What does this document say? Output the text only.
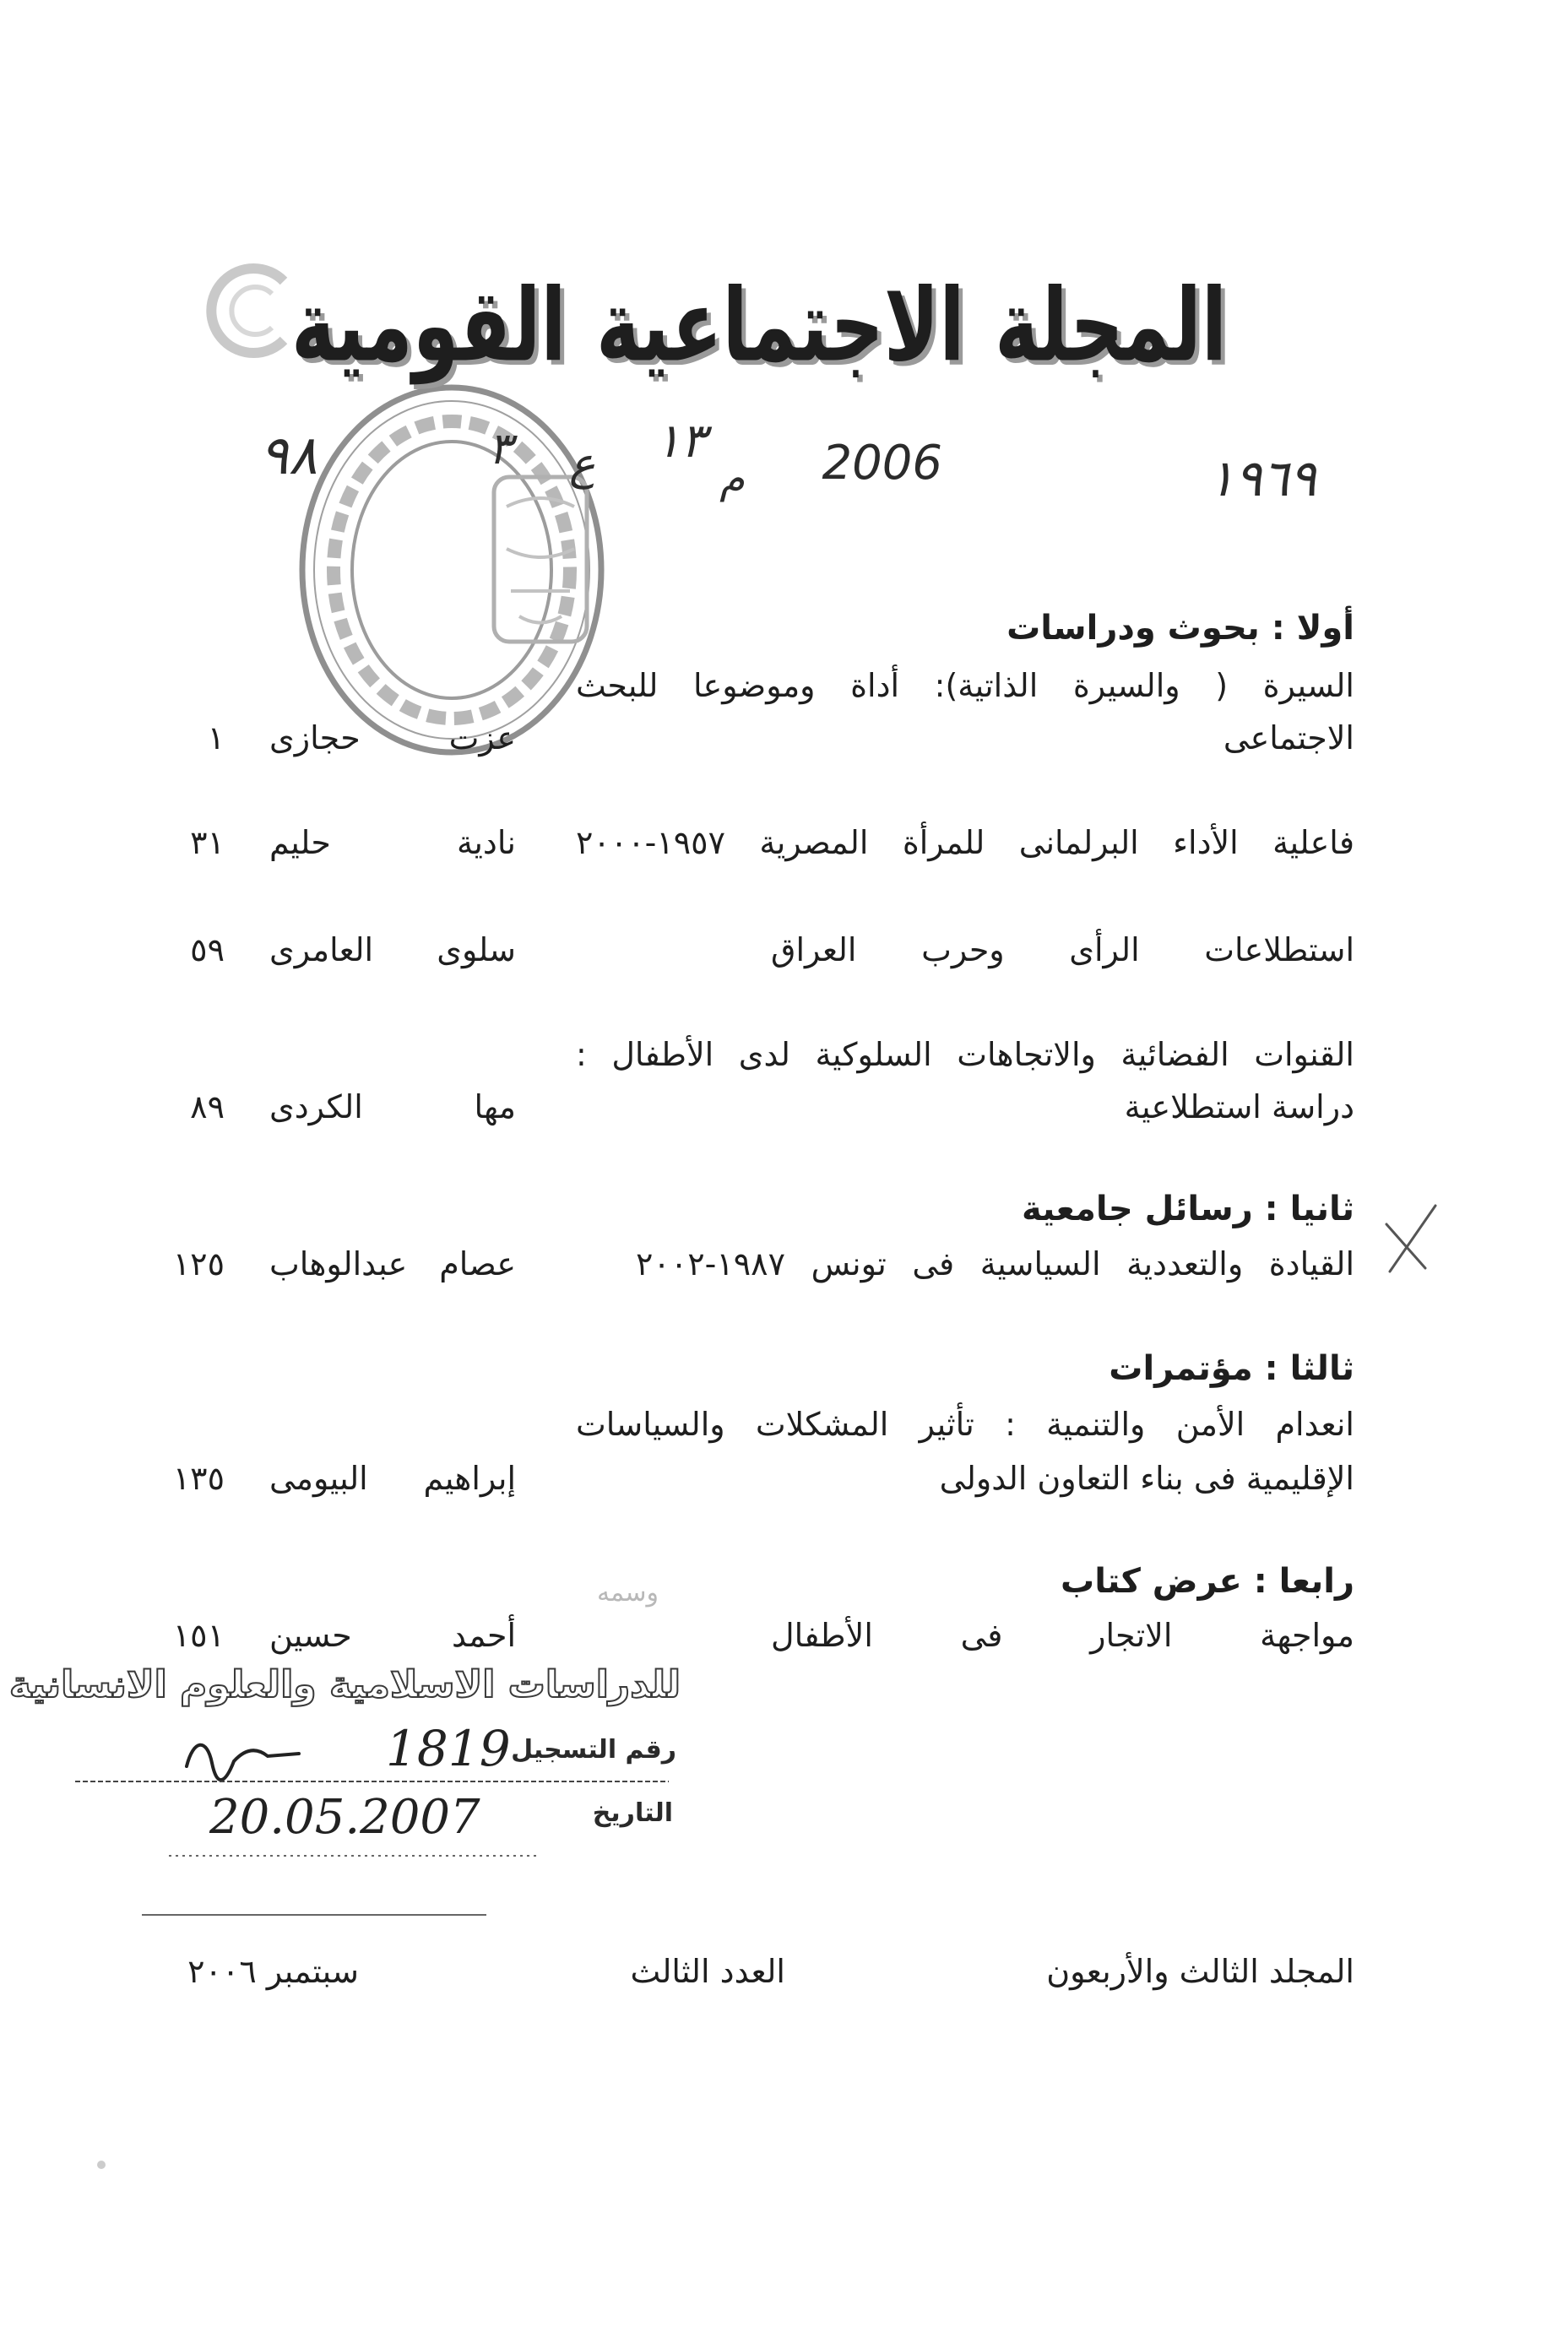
المجلة الاجتماعية القومية
٩٨	٣ ع ١٣
م 2006	١٩٦٩
أولا : بحوث ودراسات
السيرة ( والسيرة الذاتية): أداة وموضوعا للبحث
الاجتماعى
عزت حجازى
١
فاعلية الأداء البرلمانى للمرأة المصرية ١٩٥٧-٢٠٠٠
نادية حليم
٣١
استطلاعات الرأى وحرب العراق
سلوى العامرى
٥٩
القنوات الفضائية والاتجاهات السلوكية لدى الأطفال :
دراسة استطلاعية
مها الكردى
٨٩
ثانيا : رسائل جامعية
القيادة والتعددية السياسية فى تونس ١٩٨٧-٢٠٠٢
عصام عبدالوهاب
١٢٥
ثالثا : مؤتمرات
انعدام الأمن والتنمية : تأثير المشكلات والسياسات
الإقليمية فى بناء التعاون الدولى
إبراهيم البيومى
١٣٥
رابعا : عرض كتاب
مواجهة الاتجار فى الأطفال
أحمد حسين
١٥١
وسمه
للدراسات الاسلامية والعلوم الانسانية
رقم التسجيل
1819
التاريخ
20.05.2007
المجلد الثالث والأربعون
العدد الثالث
سبتمبر ٢٠٠٦
